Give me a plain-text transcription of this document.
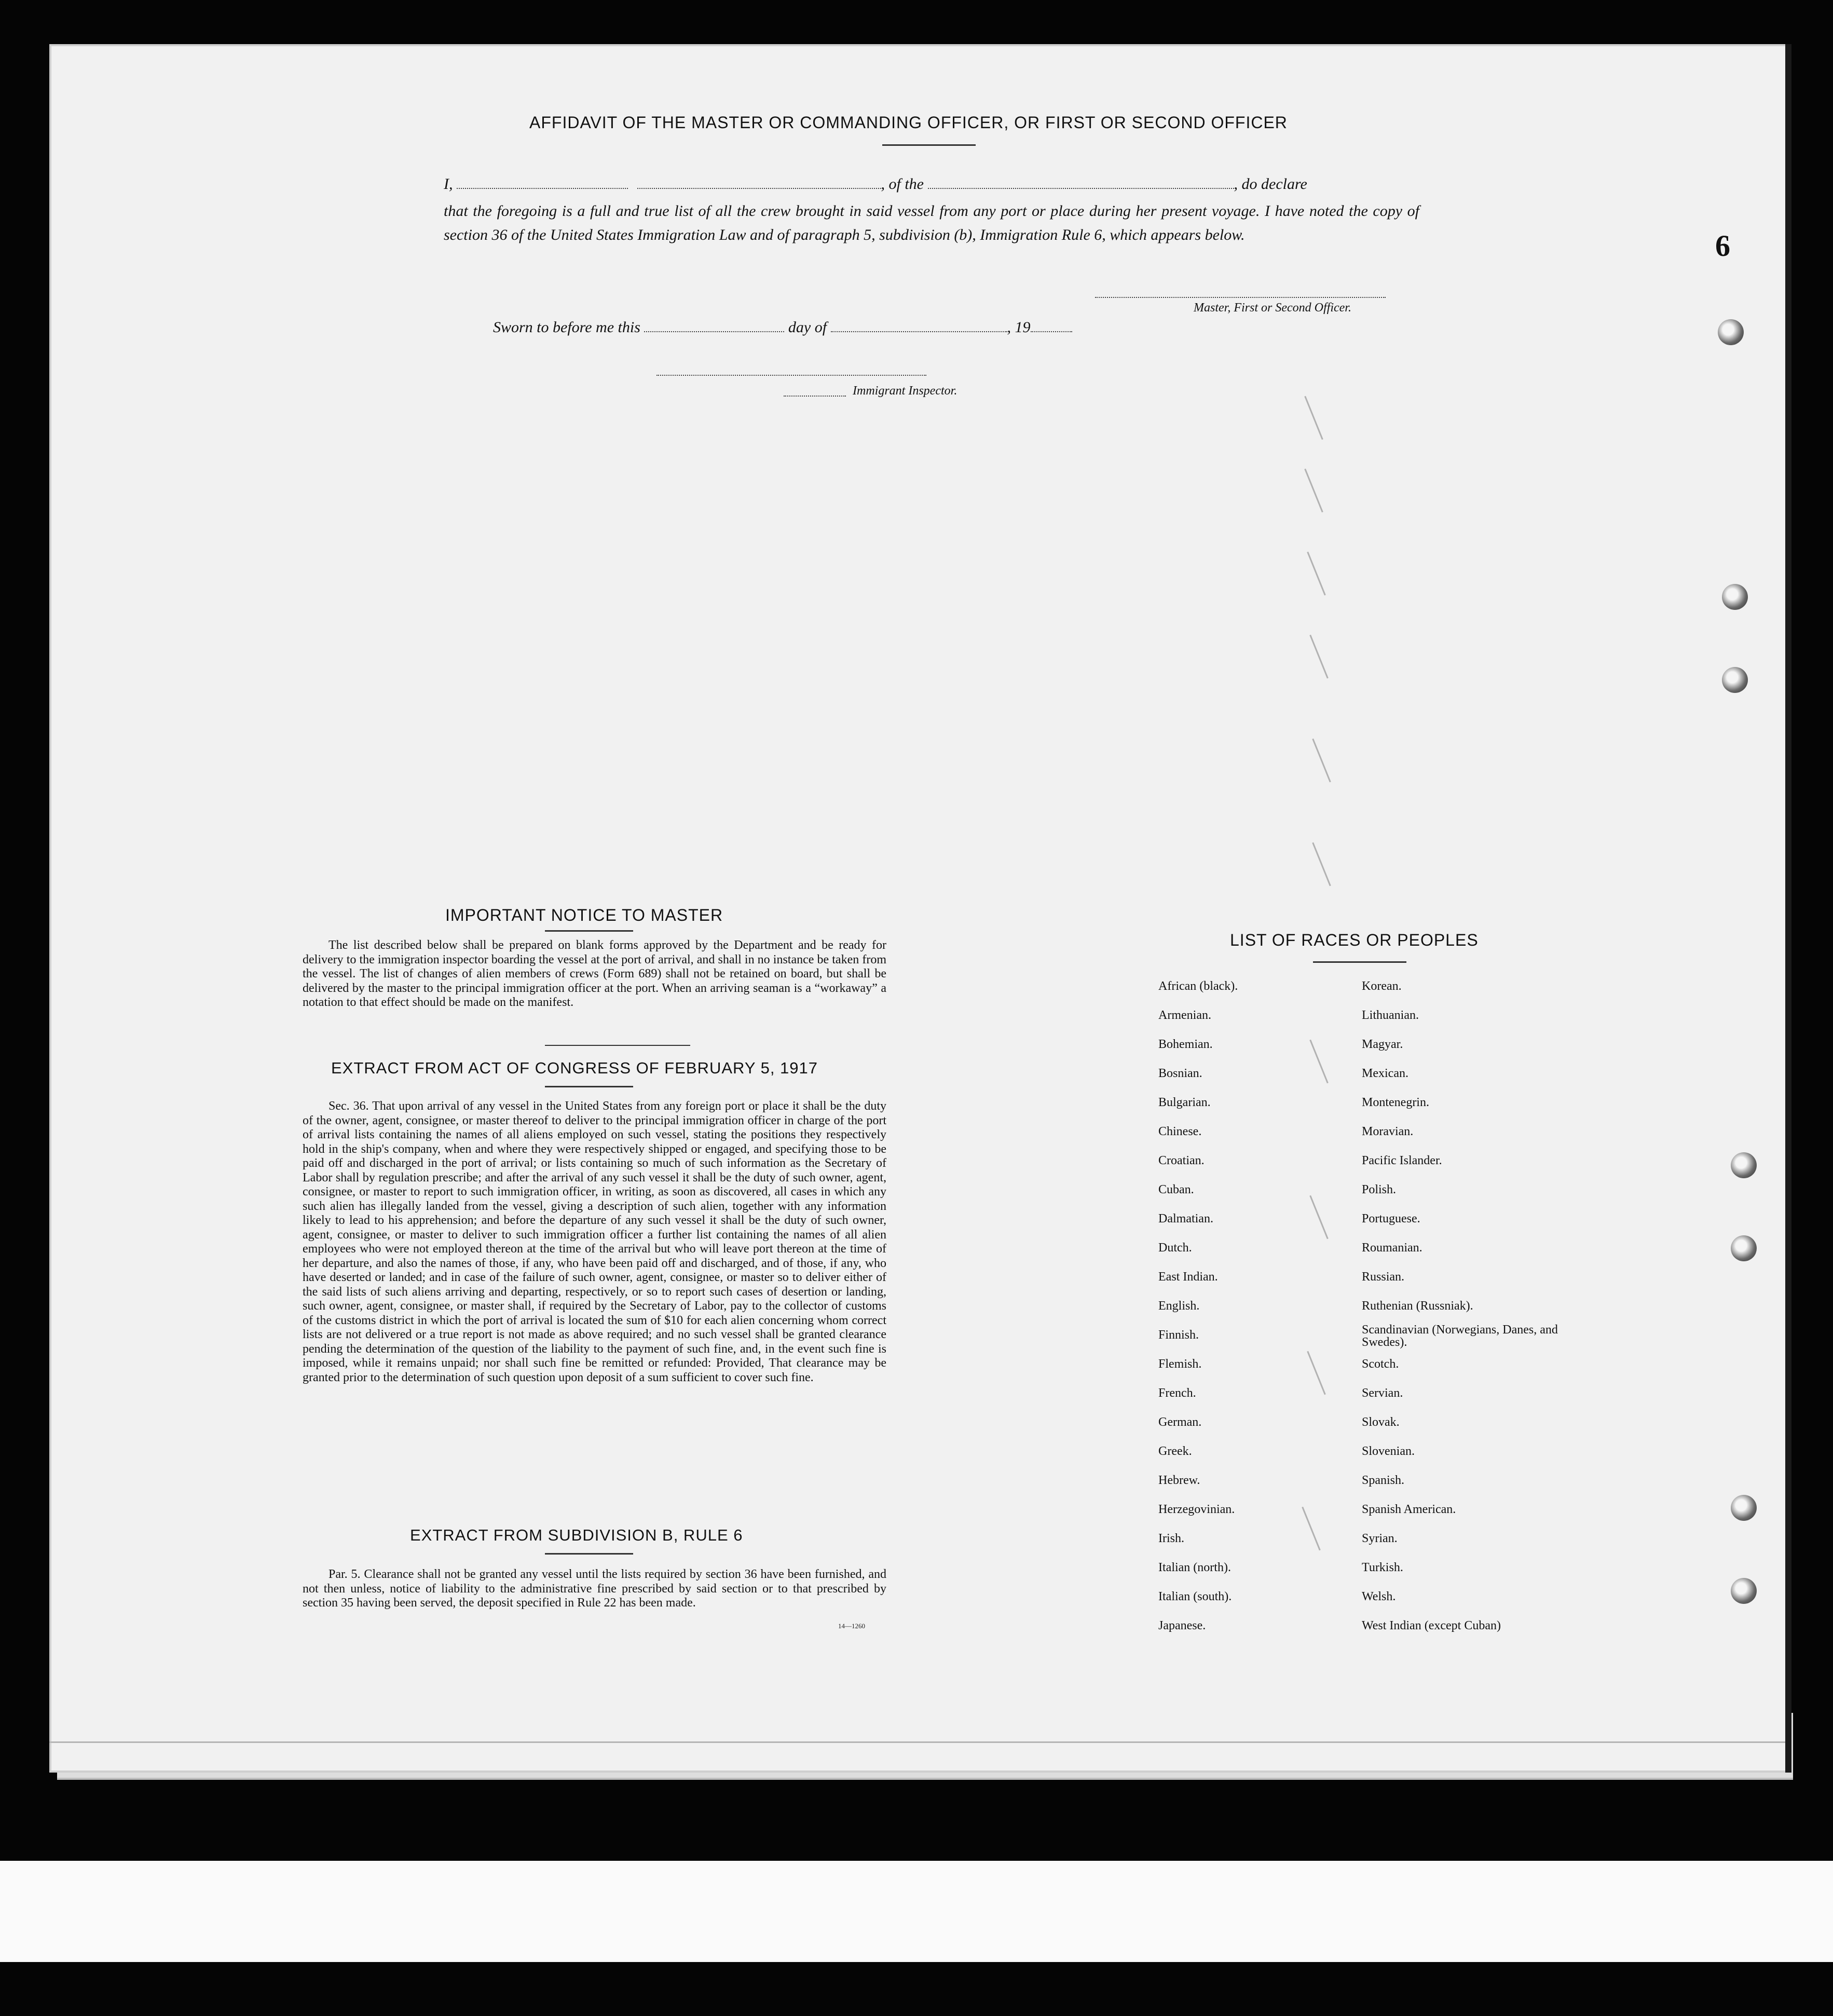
6
AFFIDAVIT OF THE MASTER OR COMMANDING OFFICER, OR FIRST OR SECOND OFFICER
I,	, of the	, do declare
that the foregoing is a full and true list of all the crew brought in said vessel from any port or place during her present voyage. I have noted the copy of section 36 of the United States Immigration Law and of paragraph 5, subdivision (b), Immigration Rule 6, which appears below.
Master, First or Second Officer.
Sworn to before me this	day of	, 19
Immigrant Inspector.
IMPORTANT NOTICE TO MASTER
The list described below shall be prepared on blank forms approved by the Department and be ready for delivery to the immigration inspector boarding the vessel at the port of arrival, and shall in no instance be taken from the vessel. The list of changes of alien members of crews (Form 689) shall not be retained on board, but shall be delivered by the master to the principal immigration officer at the port. When an arriving seaman is a “workaway” a notation to that effect should be made on the manifest.
EXTRACT FROM ACT OF CONGRESS OF FEBRUARY 5, 1917
Sec. 36. That upon arrival of any vessel in the United States from any foreign port or place it shall be the duty of the owner, agent, consignee, or master thereof to deliver to the principal immigration officer in charge of the port of arrival lists containing the names of all aliens employed on such vessel, stating the positions they respectively hold in the ship's company, when and where they were respectively shipped or engaged, and specifying those to be paid off and discharged in the port of arrival; or lists containing so much of such information as the Secretary of Labor shall by regulation prescribe; and after the arrival of any such vessel it shall be the duty of such owner, agent, consignee, or master to report to such immigration officer, in writing, as soon as discovered, all cases in which any such alien has illegally landed from the vessel, giving a description of such alien, together with any information likely to lead to his apprehension; and before the departure of any such vessel it shall be the duty of such owner, agent, consignee, or master to deliver to such immigration officer a further list containing the names of all alien employees who were not employed thereon at the time of the arrival but who will leave port thereon at the time of her departure, and also the names of those, if any, who have been paid off and discharged, and of those, if any, who have deserted or landed; and in case of the failure of such owner, agent, consignee, or master so to deliver either of the said lists of such aliens arriving and departing, respectively, or so to report such cases of desertion or landing, such owner, agent, consignee, or master shall, if required by the Secretary of Labor, pay to the collector of customs of the customs district in which the port of arrival is located the sum of $10 for each alien concerning whom correct lists are not delivered or a true report is not made as above required; and no such vessel shall be granted clearance pending the determination of the question of the liability to the payment of such fine, and, in the event such fine is imposed, while it remains unpaid; nor shall such fine be remitted or refunded: Provided, That clearance may be granted prior to the determination of such question upon deposit of a sum sufficient to cover such fine.
EXTRACT FROM SUBDIVISION B, RULE 6
Par. 5. Clearance shall not be granted any vessel until the lists required by section 36 have been furnished, and not then unless, notice of liability to the administrative fine prescribed by said section or to that prescribed by section 35 having been served, the deposit specified in Rule 22 has been made.
14—1260
LIST OF RACES OR PEOPLES
African (black).
Armenian.
Bohemian.
Bosnian.
Bulgarian.
Chinese.
Croatian.
Cuban.
Dalmatian.
Dutch.
East Indian.
English.
Finnish.
Flemish.
French.
German.
Greek.
Hebrew.
Herzegovinian.
Irish.
Italian (north).
Italian (south).
Japanese.
Korean.
Lithuanian.
Magyar.
Mexican.
Montenegrin.
Moravian.
Pacific Islander.
Polish.
Portuguese.
Roumanian.
Russian.
Ruthenian (Russniak).
Scandinavian (Norwegians, Danes, and Swedes).
Scotch.
Servian.
Slovak.
Slovenian.
Spanish.
Spanish American.
Syrian.
Turkish.
Welsh.
West Indian (except Cuban)
